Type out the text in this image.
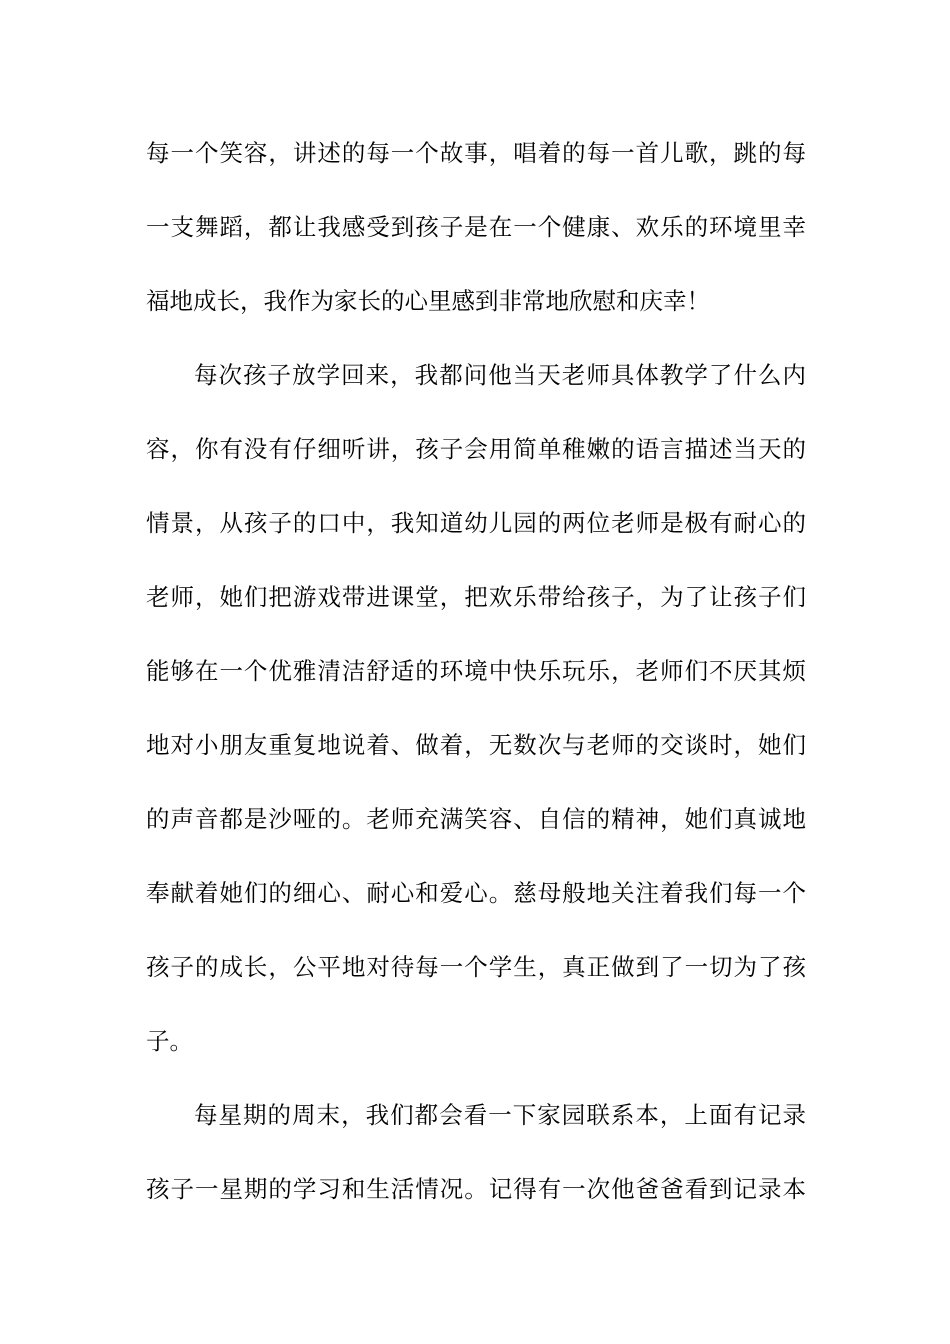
每一个笑容，讲述的每一个故事，唱着的每一首儿歌，跳的每
一支舞蹈，都让我感受到孩子是在一个健康、欢乐的环境里幸
福地成长，我作为家长的心里感到非常地欣慰和庆幸！
每次孩子放学回来，我都问他当天老师具体教学了什么内
容，你有没有仔细听讲，孩子会用简单稚嫩的语言描述当天的
情景，从孩子的口中，我知道幼儿园的两位老师是极有耐心的
老师，她们把游戏带进课堂，把欢乐带给孩子，为了让孩子们
能够在一个优雅清洁舒适的环境中快乐玩乐，老师们不厌其烦
地对小朋友重复地说着、做着，无数次与老师的交谈时，她们
的声音都是沙哑的。老师充满笑容、自信的精神，她们真诚地
奉献着她们的细心、耐心和爱心。慈母般地关注着我们每一个
孩子的成长，公平地对待每一个学生，真正做到了一切为了孩
子。
每星期的周末，我们都会看一下家园联系本，上面有记录
孩子一星期的学习和生活情况。记得有一次他爸爸看到记录本
